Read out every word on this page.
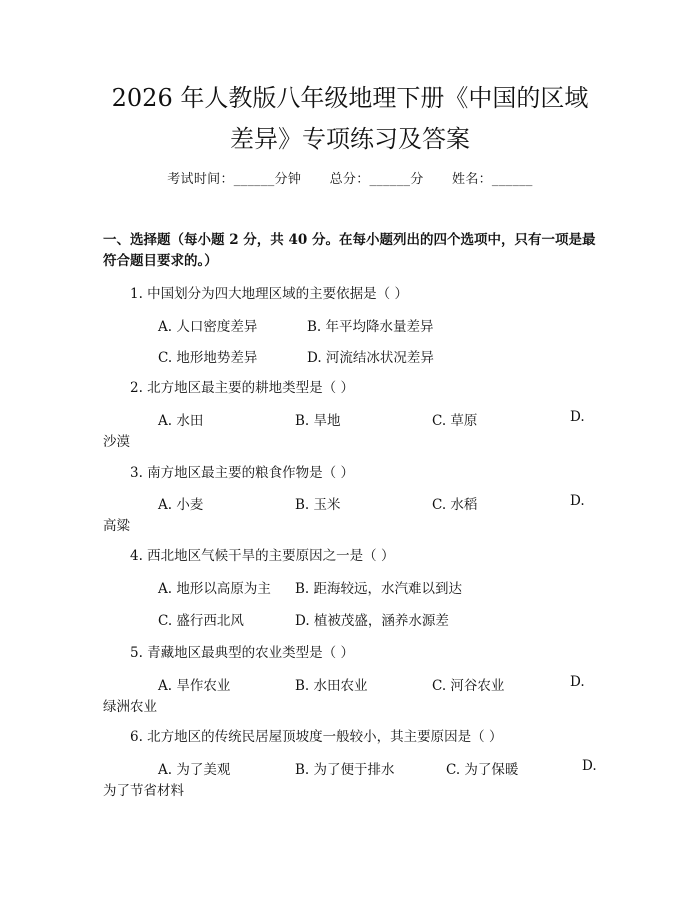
2026 年人教版八年级地理下册《中国的区域
差异》专项练习及答案
考试时间：______分钟 总分：______分 姓名：______
一、选择题（每小题 2 分，共 40 分。在每小题列出的四个选项中，只有一项是最符合题目要求的。）
1. 中国划分为四大地理区域的主要依据是（ ）
A. 人口密度差异	B. 年平均降水量差异
C. 地形地势差异	D. 河流结冰状况差异
2. 北方地区最主要的耕地类型是（ ）
A. 水田	B. 旱地	C. 草原	D.
沙漠
3. 南方地区最主要的粮食作物是（ ）
A. 小麦	B. 玉米	C. 水稻	D.
高粱
4. 西北地区气候干旱的主要原因之一是（ ）
A. 地形以高原为主 B. 距海较远，水汽难以到达
C. 盛行西北风	D. 植被茂盛，涵养水源差
5. 青藏地区最典型的农业类型是（ ）
A. 旱作农业	B. 水田农业	C. 河谷农业	D.
绿洲农业
6. 北方地区的传统民居屋顶坡度一般较小，其主要原因是（ ）
A. 为了美观	B. 为了便于排水	C. 为了保暖	D.
为了节省材料
